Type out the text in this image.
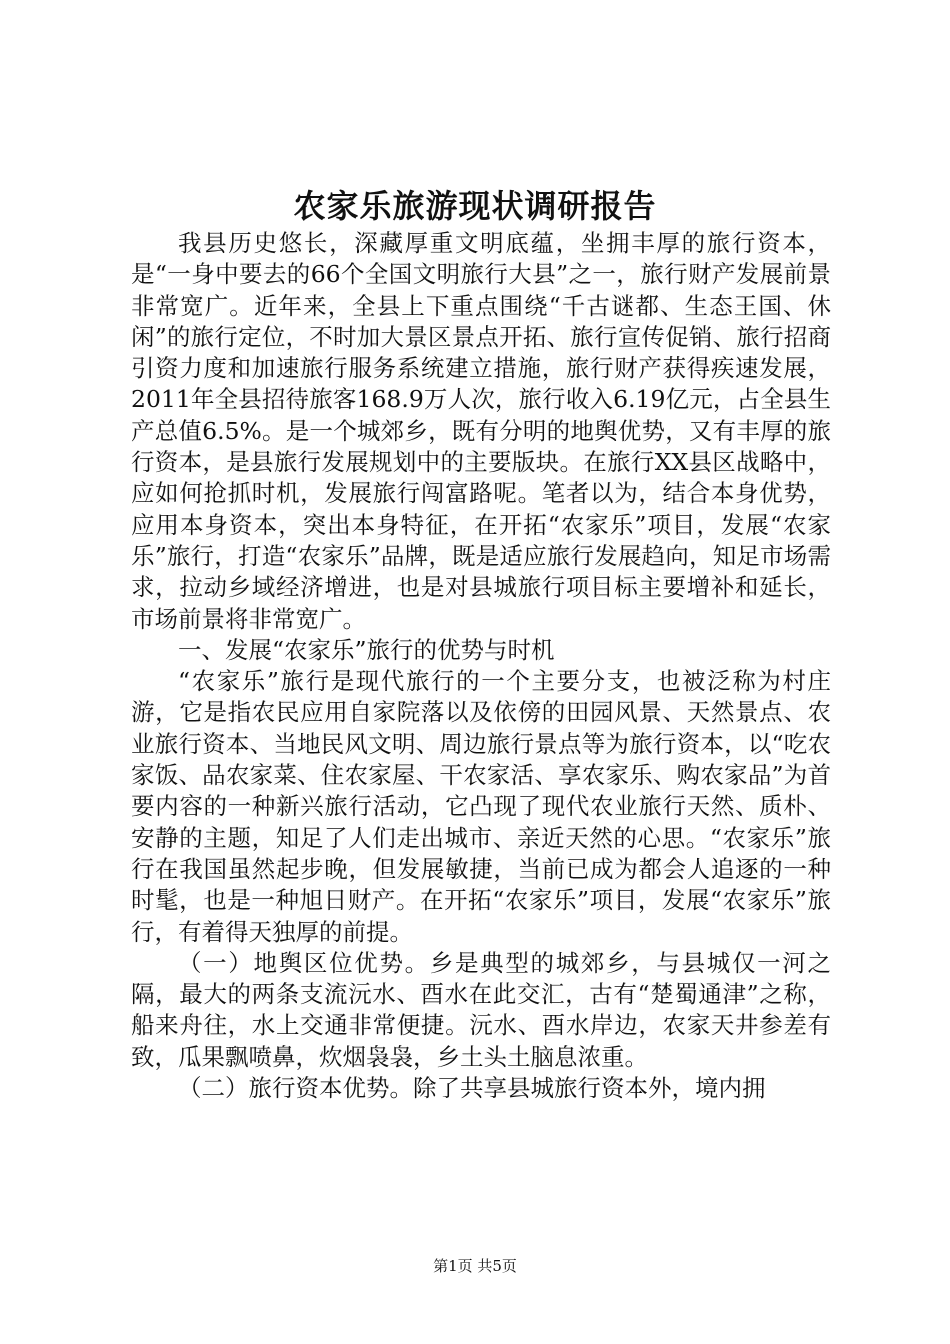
农家乐旅游现状调研报告

我县历史悠长，深藏厚重文明底蕴，坐拥丰厚的旅行资本，是“一身中要去的66个全国文明旅行大县”之一，旅行财产发展前景非常宽广。近年来，全县上下重点围绕“千古谜都、生态王国、休闲”的旅行定位，不时加大景区景点开拓、旅行宣传促销、旅行招商引资力度和加速旅行服务系统建立措施，旅行财产获得疾速发展，2011年全县招待旅客168.9万人次，旅行收入6.19亿元，占全县生产总值6.5%。是一个城郊乡，既有分明的地舆优势，又有丰厚的旅行资本，是县旅行发展规划中的主要版块。在旅行XX县区战略中，应如何抢抓时机，发展旅行闯富路呢。笔者以为，结合本身优势，应用本身资本，突出本身特征，在开拓“农家乐”项目，发展“农家乐”旅行，打造“农家乐”品牌，既是适应旅行发展趋向，知足市场需求，拉动乡域经济增进，也是对县城旅行项目标主要增补和延长，市场前景将非常宽广。

一、发展“农家乐”旅行的优势与时机

“农家乐”旅行是现代旅行的一个主要分支，也被泛称为村庄游，它是指农民应用自家院落以及依傍的田园风景、天然景点、农业旅行资本、当地民风文明、周边旅行景点等为旅行资本，以“吃农家饭、品农家菜、住农家屋、干农家活、享农家乐、购农家品”为首要内容的一种新兴旅行活动，它凸现了现代农业旅行天然、质朴、安静的主题，知足了人们走出城市、亲近天然的心思。“农家乐”旅行在我国虽然起步晚，但发展敏捷，当前已成为都会人追逐的一种时髦，也是一种旭日财产。在开拓“农家乐”项目，发展“农家乐”旅行，有着得天独厚的前提。

（一）地舆区位优势。乡是典型的城郊乡，与县城仅一河之隔，最大的两条支流沅水、酉水在此交汇，古有“楚蜀通津”之称，船来舟往，水上交通非常便捷。沅水、酉水岸边，农家天井参差有致，瓜果飘喷鼻，炊烟袅袅，乡土头土脑息浓重。

（二）旅行资本优势。除了共享县城旅行资本外，境内拥

第1页 共5页
